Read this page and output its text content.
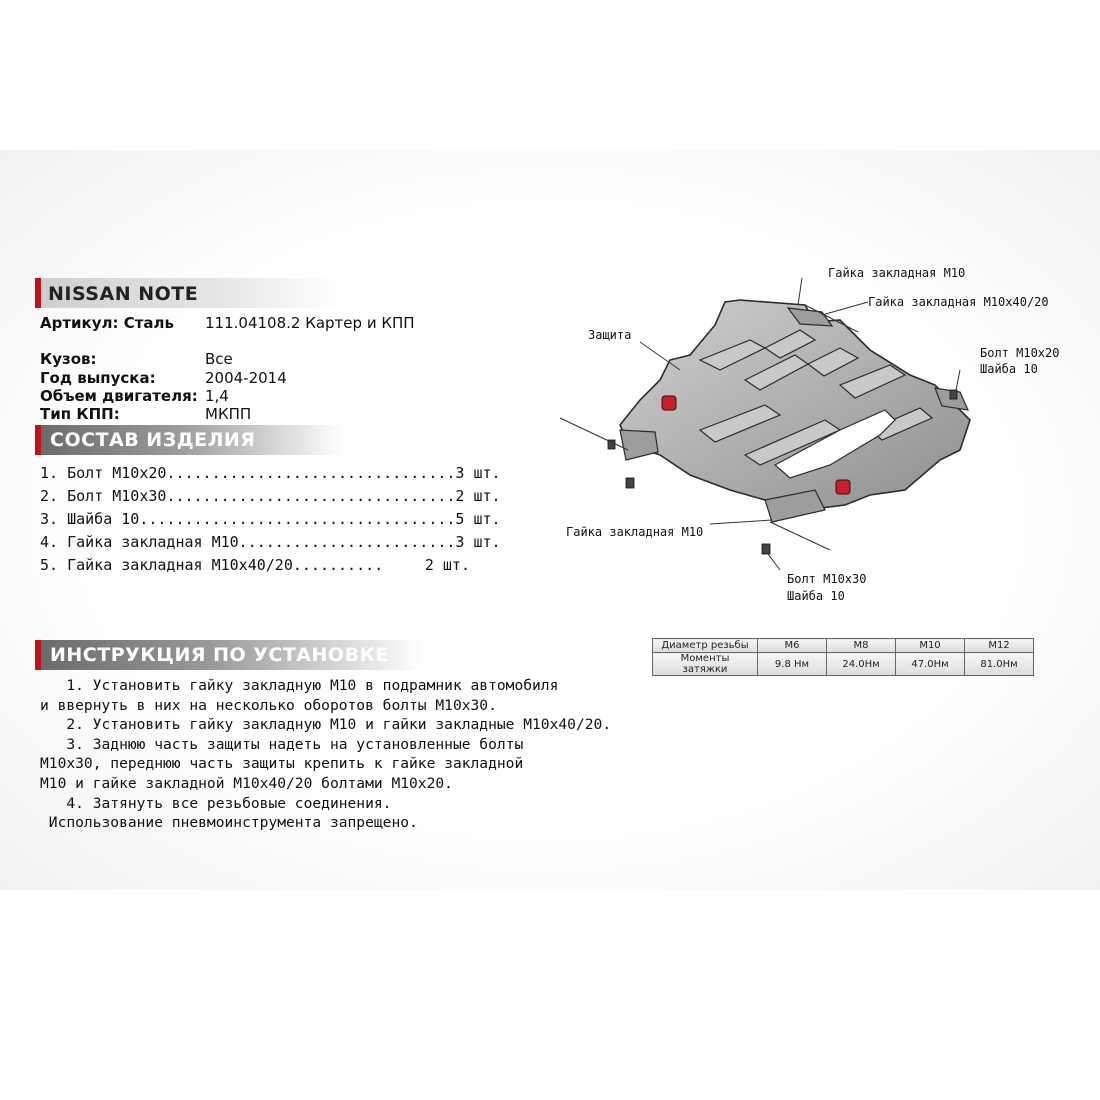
NISSAN NOTE
Артикул: Сталь 111.04108.2 Картер и КПП
Кузов:	Все
Год выпуска:	2004-2014
Объем двигателя: 1,4
Тип КПП:	МКПП
СОСТАВ ИЗДЕЛИЯ
1. Болт М10x20................................ 3 шт.
2. Болт М10x30................................ 2 шт.
3. Шайба 10................................... 5 шт.
4. Гайка закладная М10........................ 3 шт.
5. Гайка закладная М10x40/20..........	2 шт.
ИНСТРУКЦИЯ ПО УСТАНОВКЕ
1. Установить гайку закладную М10 в подрамник автомобиля
и ввернуть в них на несколько оборотов болты М10x30.
2. Установить гайку закладную М10 и гайки закладные М10x40/20.
3. Заднюю часть защиты надеть на установленные болты
М10x30, переднюю часть защиты крепить к гайке закладной
М10 и гайке закладной М10x40/20 болтами М10x20.
4. Затянуть все резьбовые соединения.
Использование пневмоинструмента запрещено.
Диаметр резьбы	М6	М8	М10	М12
Моменты затяжки	9.8 Нм	24.0Нм	47.0Нм	81.0Нм
Гайка закладная М10
Гайка закладная М10x40/20
Защита
Болт М10x20
Шайба 10
Гайка закладная М10
Болт М10x30
Шайба 10
